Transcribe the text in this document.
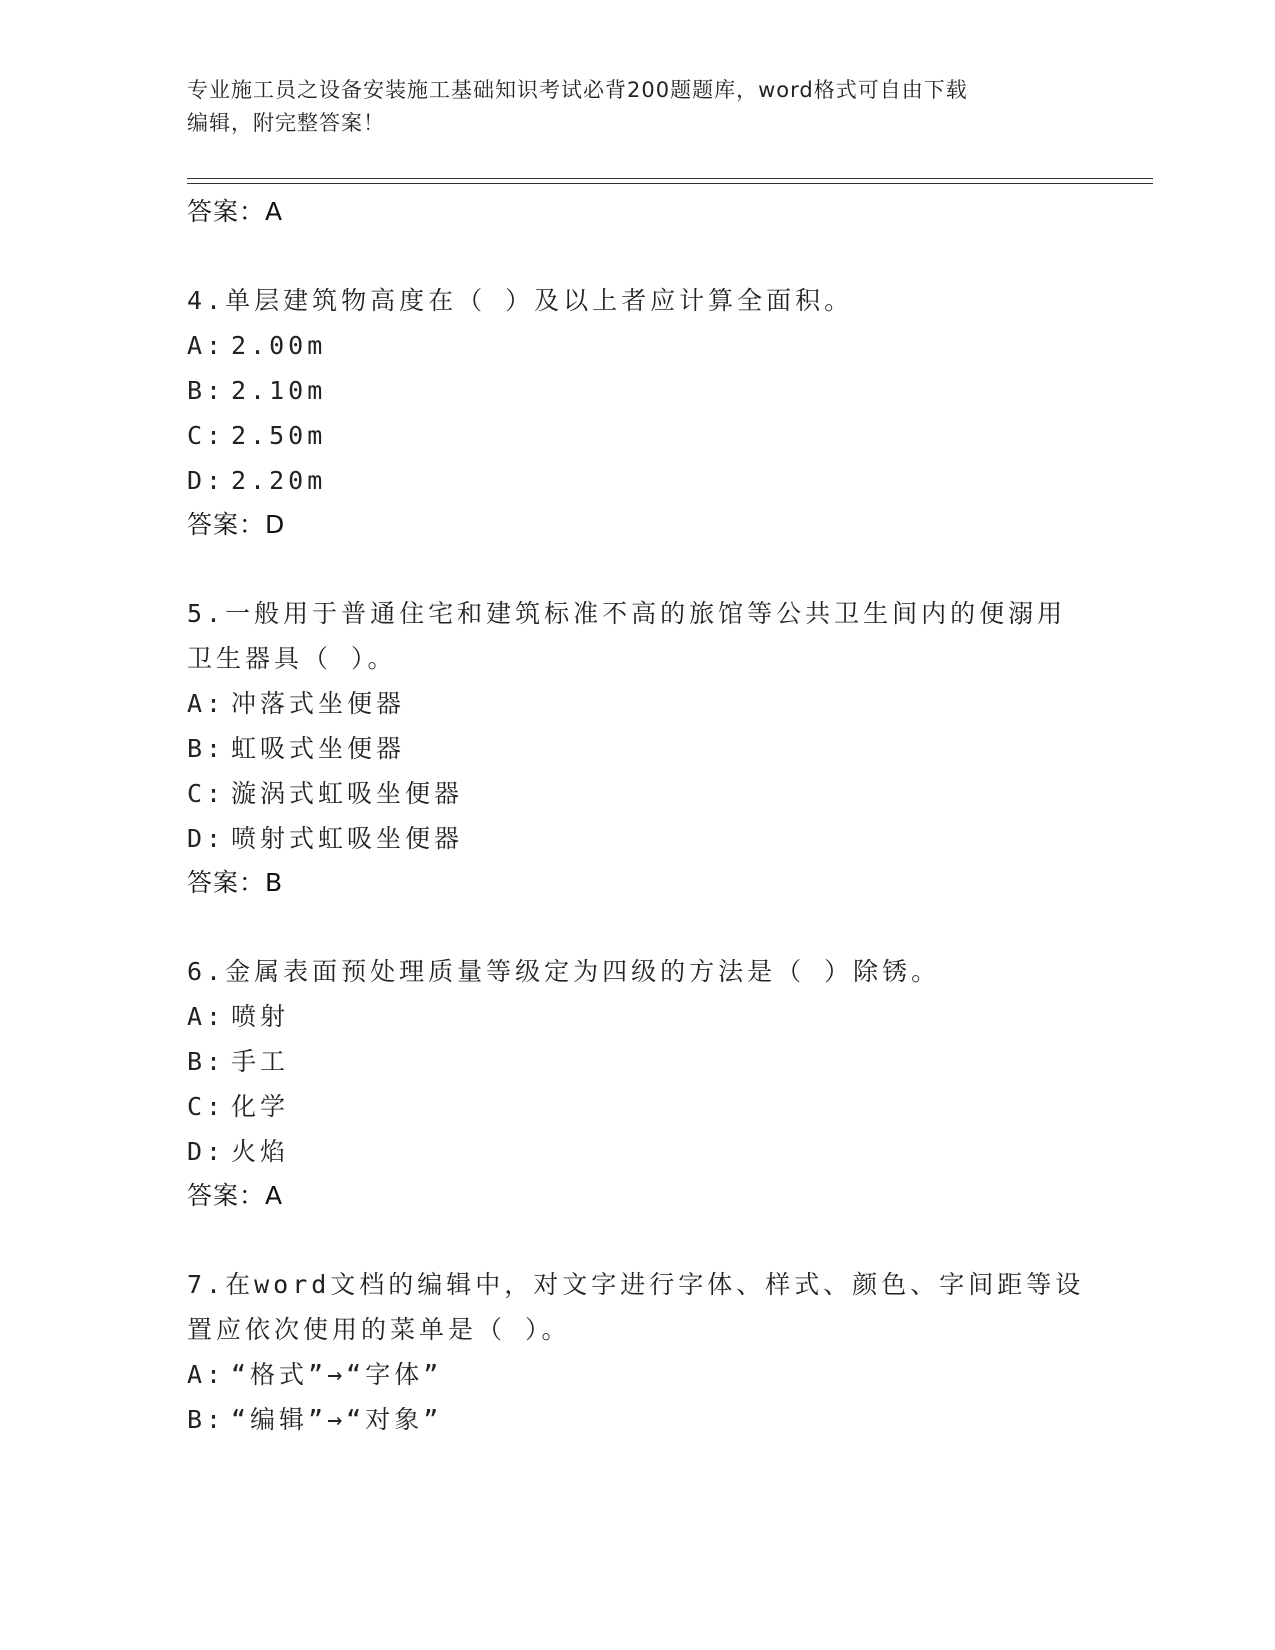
专业施工员之设备安装施工基础知识考试必背200题题库，word格式可自由下载
编辑，附完整答案！
答案：A
4.单层建筑物高度在（ ）及以上者应计算全面积。
A: 2.00m
B: 2.10m
C: 2.50m
D: 2.20m
答案：D
5.一般用于普通住宅和建筑标准不高的旅馆等公共卫生间内的便溺用
卫生器具（ ）。
A: 冲落式坐便器
B: 虹吸式坐便器
C: 漩涡式虹吸坐便器
D: 喷射式虹吸坐便器
答案：B
6.金属表面预处理质量等级定为四级的方法是（ ）除锈。
A: 喷射
B: 手工
C: 化学
D: 火焰
答案：A
7.在word文档的编辑中，对文字进行字体、样式、颜色、字间距等设
置应依次使用的菜单是（ ）。
A: “格式”→“字体”
B: “编辑”→“对象”
